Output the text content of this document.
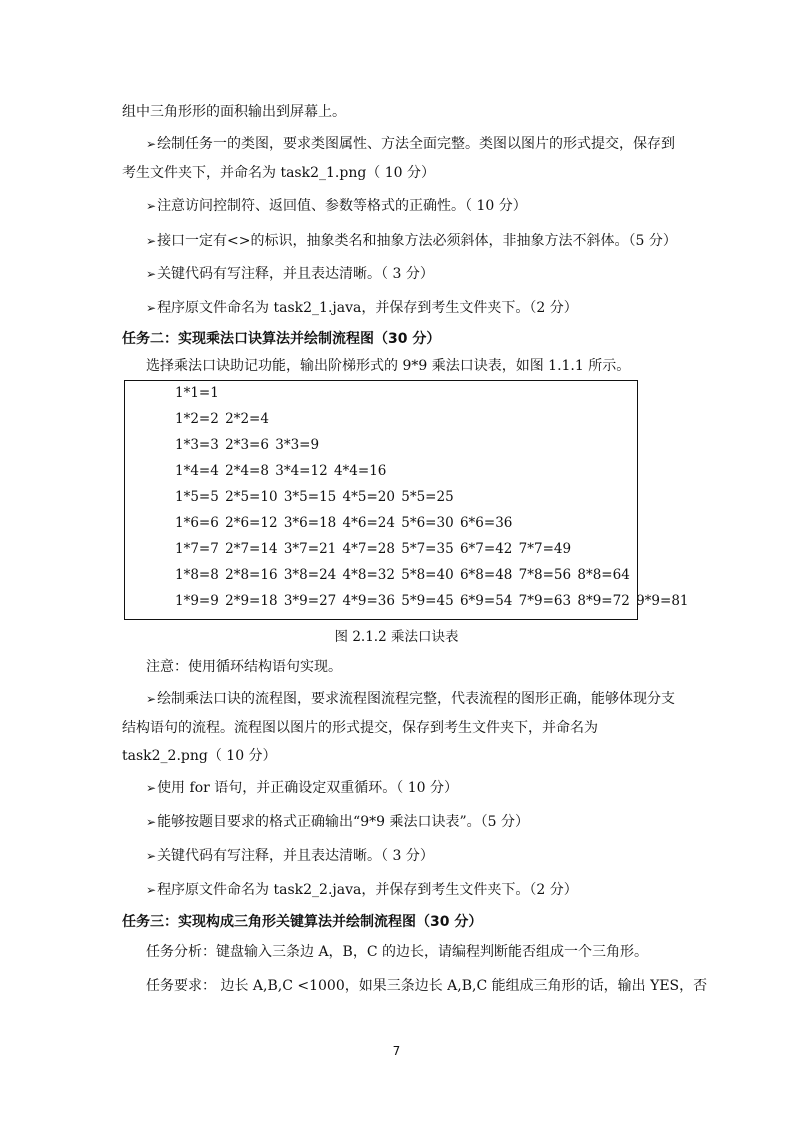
组中三角形形的面积输出到屏幕上。
➢绘制任务一的类图，要求类图属性、方法全面完整。类图以图片的形式提交，保存到
考生文件夹下，并命名为 task2_1.png（ 10 分）
➢注意访问控制符、返回值、参数等格式的正确性。（ 10 分）
➢接口一定有<>的标识，抽象类名和抽象方法必须斜体，非抽象方法不斜体。（5 分）
➢关键代码有写注释，并且表达清晰。（ 3 分）
➢程序原文件命名为 task2_1.java，并保存到考生文件夹下。（2 分）
任务二：实现乘法口诀算法并绘制流程图（30 分）
选择乘法口诀助记功能，输出阶梯形式的 9*9 乘法口诀表，如图 1.1.1 所示。
1*1=1
1*2=2 2*2=4
1*3=3 2*3=6 3*3=9
1*4=4 2*4=8 3*4=12 4*4=16
1*5=5 2*5=10 3*5=15 4*5=20 5*5=25
1*6=6 2*6=12 3*6=18 4*6=24 5*6=30 6*6=36
1*7=7 2*7=14 3*7=21 4*7=28 5*7=35 6*7=42 7*7=49
1*8=8 2*8=16 3*8=24 4*8=32 5*8=40 6*8=48 7*8=56 8*8=64
1*9=9 2*9=18 3*9=27 4*9=36 5*9=45 6*9=54 7*9=63 8*9=72 9*9=81
图 2.1.2 乘法口诀表
注意：使用循环结构语句实现。
➢绘制乘法口诀的流程图，要求流程图流程完整，代表流程的图形正确，能够体现分支
结构语句的流程。流程图以图片的形式提交，保存到考生文件夹下，并命名为
task2_2.png（ 10 分）
➢使用 for 语句，并正确设定双重循环。（ 10 分）
➢能够按题目要求的格式正确输出“9*9 乘法口诀表”。（5 分）
➢关键代码有写注释，并且表达清晰。（ 3 分）
➢程序原文件命名为 task2_2.java，并保存到考生文件夹下。（2 分）
任务三：实现构成三角形关键算法并绘制流程图（30 分）
任务分析：键盘输入三条边 A，B，C 的边长，请编程判断能否组成一个三角形。
任务要求： 边长 A,B,C <1000，如果三条边长 A,B,C 能组成三角形的话，输出 YES，否
7
